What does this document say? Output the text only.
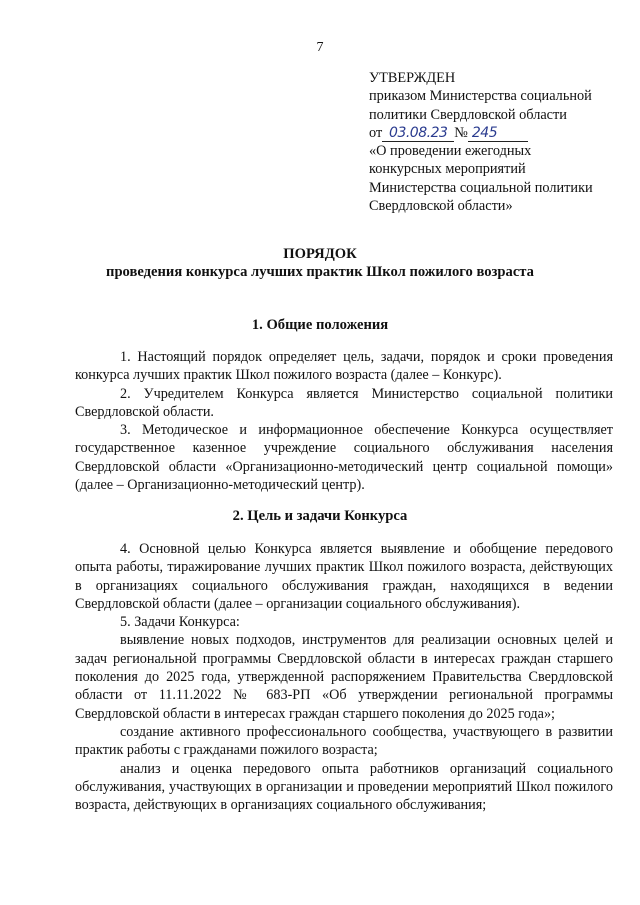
7
УТВЕРЖДЕН
приказом Министерства социальной
политики Свердловской области
от 03.08.23 № 245
«О проведении ежегодных
конкурсных мероприятий
Министерства социальной политики
Свердловской области»
ПОРЯДОК
проведения конкурса лучших практик Школ пожилого возраста
1. Общие положения

1. Настоящий порядок определяет цель, задачи, порядок и сроки проведения конкурса лучших практик Школ пожилого возраста (далее – Конкурс).

2. Учредителем Конкурса является Министерство социальной политики Свердловской области.

3. Методическое и информационное обеспечение Конкурса осуществляет государственное казенное учреждение социального обслуживания населения Свердловской области «Организационно-методический центр социальной помощи» (далее – Организационно-методический центр).

2. Цель и задачи Конкурса

4. Основной целью Конкурса является выявление и обобщение передового опыта работы, тиражирование лучших практик Школ пожилого возраста, действующих в организациях социального обслуживания граждан, находящихся в ведении Свердловской области (далее – организации социального обслуживания).

5. Задачи Конкурса:

выявление новых подходов, инструментов для реализации основных целей и задач региональной программы Свердловской области в интересах граждан старшего поколения до 2025 года, утвержденной распоряжением Правительства Свердловской области от 11.11.2022 № 683-РП «Об утверждении региональной программы Свердловской области в интересах граждан старшего поколения до 2025 года»;

создание активного профессионального сообщества, участвующего в развитии практик работы с гражданами пожилого возраста;

анализ и оценка передового опыта работников организаций социального обслуживания, участвующих в организации и проведении мероприятий Школ пожилого возраста, действующих в организациях социального обслуживания;
